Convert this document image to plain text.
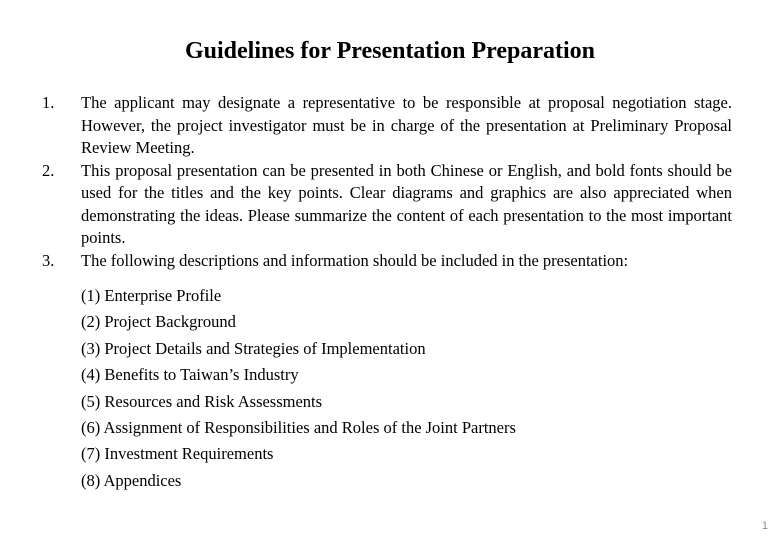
Guidelines for Presentation Preparation
1.	The applicant may designate a representative to be responsible at proposal negotiation stage. However, the project investigator must be in charge of the presentation at Preliminary Proposal Review Meeting.
2.	This proposal presentation can be presented in both Chinese or English, and bold fonts should be used for the titles and the key points. Clear diagrams and graphics are also appreciated when demonstrating the ideas. Please summarize the content of each presentation to the most important points.
3.	The following descriptions and information should be included in the presentation:
(1) Enterprise Profile
(2) Project Background
(3) Project Details and Strategies of Implementation
(4) Benefits to Taiwan’s Industry
(5) Resources and Risk Assessments
(6) Assignment of Responsibilities and Roles of the Joint Partners
(7) Investment Requirements
(8) Appendices
1
